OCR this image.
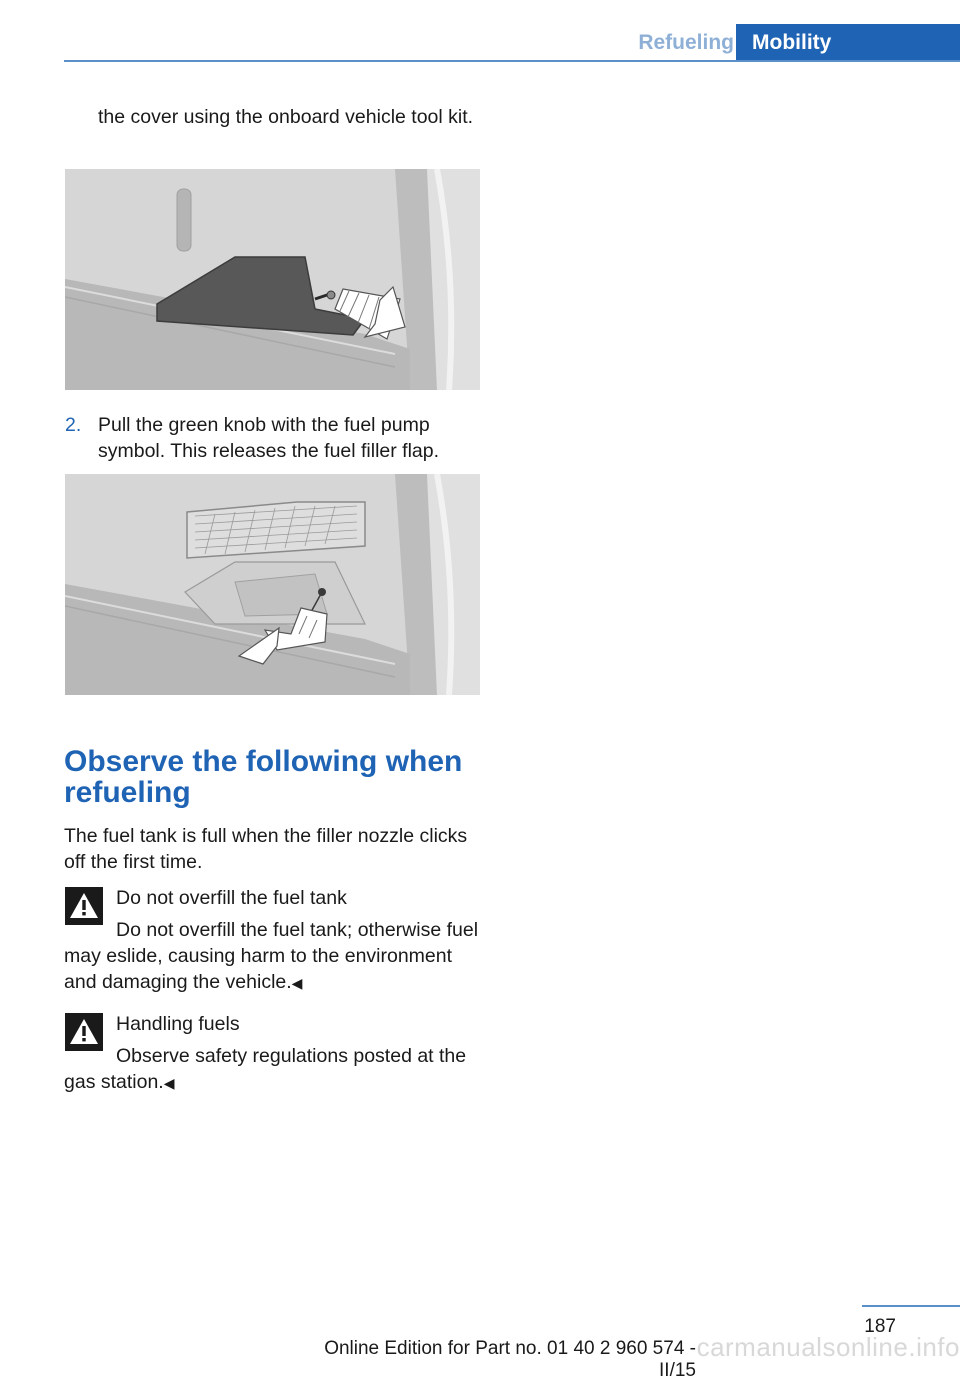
Refueling Mobility

the cover using the onboard vehicle tool kit.

2. Pull the green knob with the fuel pump symbol. This releases the fuel filler flap.

Observe the following when refueling

The fuel tank is full when the filler nozzle clicks off the first time.

Do not overfill the fuel tank

Do not overfill the fuel tank; otherwise fuel may eslide, causing harm to the environment and damaging the vehicle.◀

Handling fuels

Observe safety regulations posted at the gas station.◀

187
Online Edition for Part no. 01 40 2 960 574 - II/15
carmanualsonline.info
